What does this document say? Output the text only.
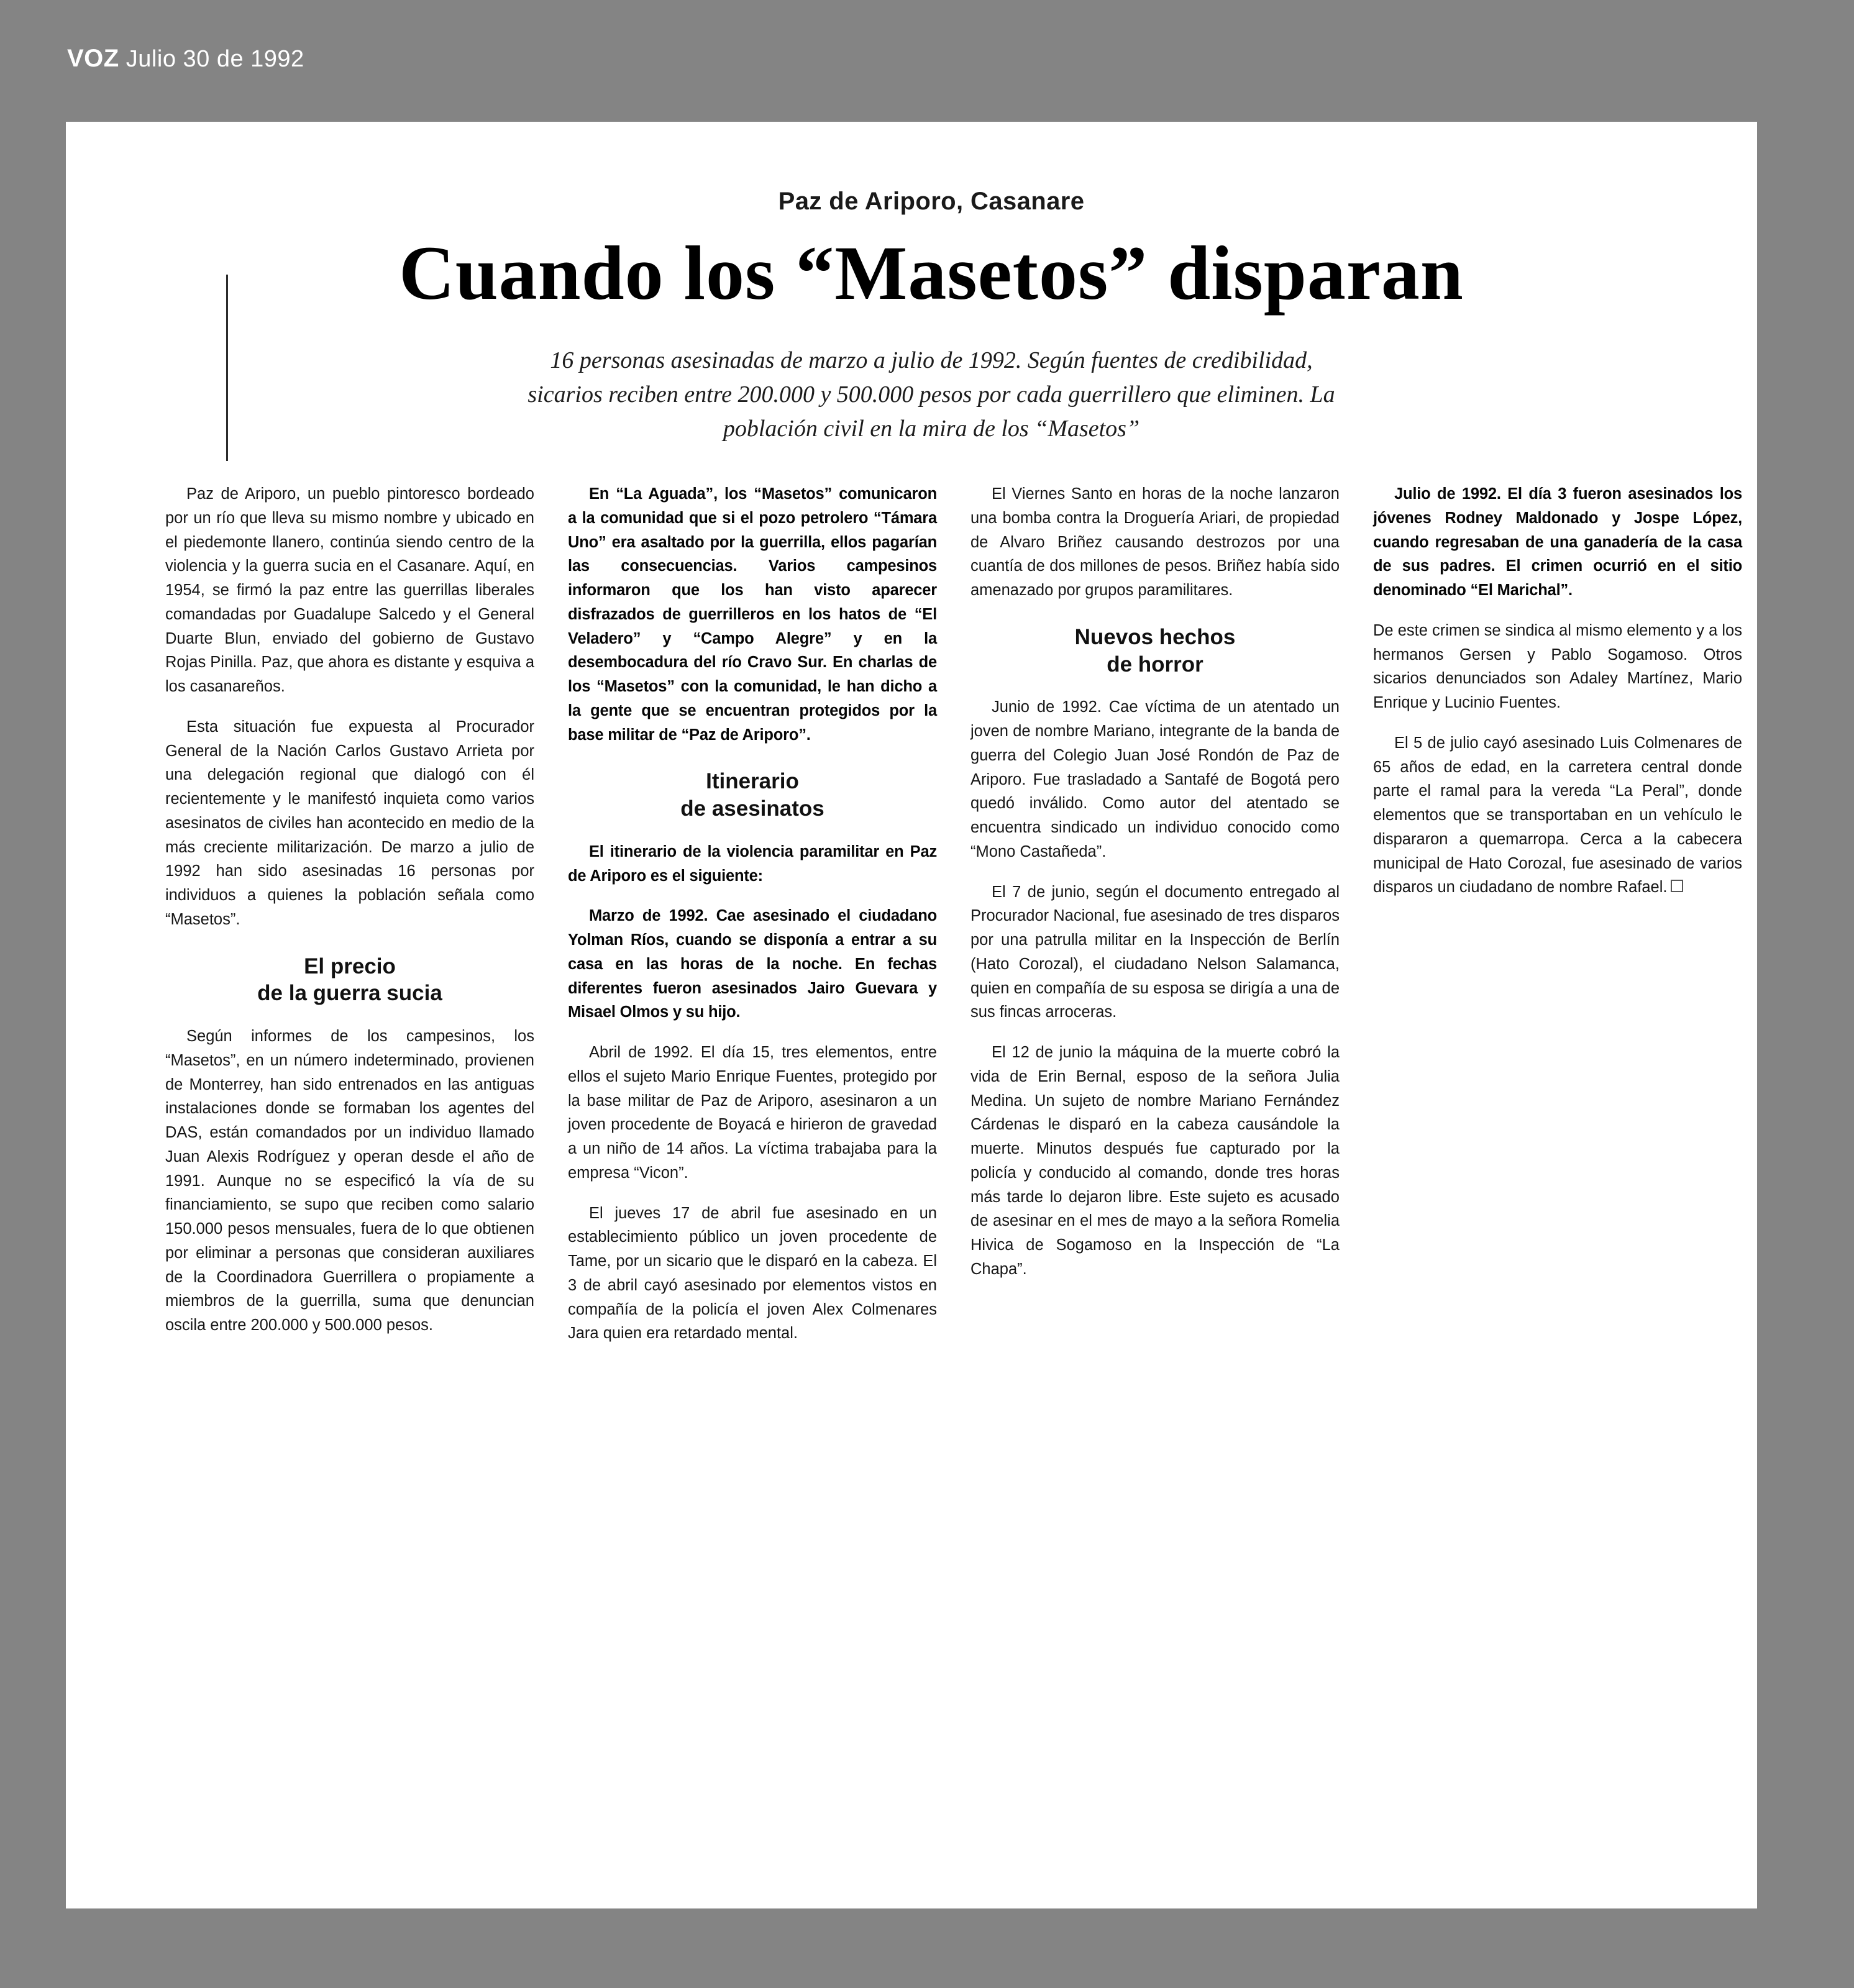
VOZ Julio 30 de 1992
Paz de Ariporo, Casanare
Cuando los “Masetos” disparan
16 personas asesinadas de marzo a julio de 1992. Según fuentes de credibilidad, sicarios reciben entre 200.000 y 500.000 pesos por cada guerrillero que eliminen. La población civil en la mira de los “Masetos”

Paz de Ariporo, un pueblo pintoresco bordeado por un río que lleva su mismo nombre y ubicado en el piedemonte llanero, continúa siendo centro de la violencia y la guerra sucia en el Casanare. Aquí, en 1954, se firmó la paz entre las guerrillas liberales comandadas por Guadalupe Salcedo y el General Duarte Blun, enviado del gobierno de Gustavo Rojas Pinilla. Paz, que ahora es distante y esquiva a los casanareños.

Esta situación fue expuesta al Procurador General de la Nación Carlos Gustavo Arrieta por una delegación regional que dialogó con él recientemente y le manifestó inquieta como varios asesinatos de civiles han acontecido en medio de la más creciente militarización. De marzo a julio de 1992 han sido asesinadas 16 personas por individuos a quienes la población señala como “Masetos”.

El precio
de la guerra sucia

Según informes de los campesinos, los “Masetos”, en un número indeterminado, provienen de Monterrey, han sido entrenados en las antiguas instalaciones donde se formaban los agentes del DAS, están comandados por un individuo llamado Juan Alexis Rodríguez y operan desde el año de 1991. Aunque no se especificó la vía de su financiamiento, se supo que reciben como salario 150.000 pesos mensuales, fuera de lo que obtienen por eliminar a personas que consideran auxiliares de la Coordinadora Guerrillera o propiamente a miembros de la guerrilla, suma que denuncian oscila entre 200.000 y 500.000 pesos.

En “La Aguada”, los “Masetos” comunicaron a la comunidad que si el pozo petrolero “Támara Uno” era asaltado por la guerrilla, ellos pagarían las consecuencias. Varios campesinos informaron que los han visto aparecer disfrazados de guerrilleros en los hatos de “El Veladero” y “Campo Alegre” y en la desembocadura del río Cravo Sur. En charlas de los “Masetos” con la comunidad, le han dicho a la gente que se encuentran protegidos por la base militar de “Paz de Ariporo”.

Itinerario
de asesinatos

El itinerario de la violencia paramilitar en Paz de Ariporo es el siguiente:

Marzo de 1992. Cae asesinado el ciudadano Yolman Ríos, cuando se disponía a entrar a su casa en las horas de la noche. En fechas diferentes fueron asesinados Jairo Guevara y Misael Olmos y su hijo.

Abril de 1992. El día 15, tres elementos, entre ellos el sujeto Mario Enrique Fuentes, protegido por la base militar de Paz de Ariporo, asesinaron a un joven procedente de Boyacá e hirieron de gravedad a un niño de 14 años. La víctima trabajaba para la empresa “Vicon”.

El jueves 17 de abril fue asesinado en un establecimiento público un joven procedente de Tame, por un sicario que le disparó en la cabeza. El 3 de abril cayó asesinado por elementos vistos en compañía de la policía el joven Alex Colmenares Jara quien era retardado mental.

El Viernes Santo en horas de la noche lanzaron una bomba contra la Droguería Ariari, de propiedad de Alvaro Briñez causando destrozos por una cuantía de dos millones de pesos. Briñez había sido amenazado por grupos paramilitares.

Nuevos hechos
de horror

Junio de 1992. Cae víctima de un atentado un joven de nombre Mariano, integrante de la banda de guerra del Colegio Juan José Rondón de Paz de Ariporo. Fue trasladado a Santafé de Bogotá pero quedó inválido. Como autor del atentado se encuentra sindicado un individuo conocido como “Mono Castañeda”.

El 7 de junio, según el documento entregado al Procurador Nacional, fue asesinado de tres disparos por una patrulla militar en la Inspección de Berlín (Hato Corozal), el ciudadano Nelson Salamanca, quien en compañía de su esposa se dirigía a una de sus fincas arroceras.

El 12 de junio la máquina de la muerte cobró la vida de Erin Bernal, esposo de la señora Julia Medina. Un sujeto de nombre Mariano Fernández Cárdenas le disparó en la cabeza causándole la muerte. Minutos después fue capturado por la policía y conducido al comando, donde tres horas más tarde lo dejaron libre. Este sujeto es acusado de asesinar en el mes de mayo a la señora Romelia Hivica de Sogamoso en la Inspección de “La Chapa”.

Julio de 1992. El día 3 fueron asesinados los jóvenes Rodney Maldonado y Jospe López, cuando regresaban de una ganadería de la casa de sus padres. El crimen ocurrió en el sitio denominado “El Marichal”.

De este crimen se sindica al mismo elemento y a los hermanos Gersen y Pablo Sogamoso. Otros sicarios denunciados son Adaley Martínez, Mario Enrique y Lucinio Fuentes.

El 5 de julio cayó asesinado Luis Colmenares de 65 años de edad, en la carretera central donde parte el ramal para la vereda “La Peral”, donde elementos que se transportaban en un vehículo le dispararon a quemarropa. Cerca a la cabecera municipal de Hato Corozal, fue asesinado de varios disparos un ciudadano de nombre Rafael.
